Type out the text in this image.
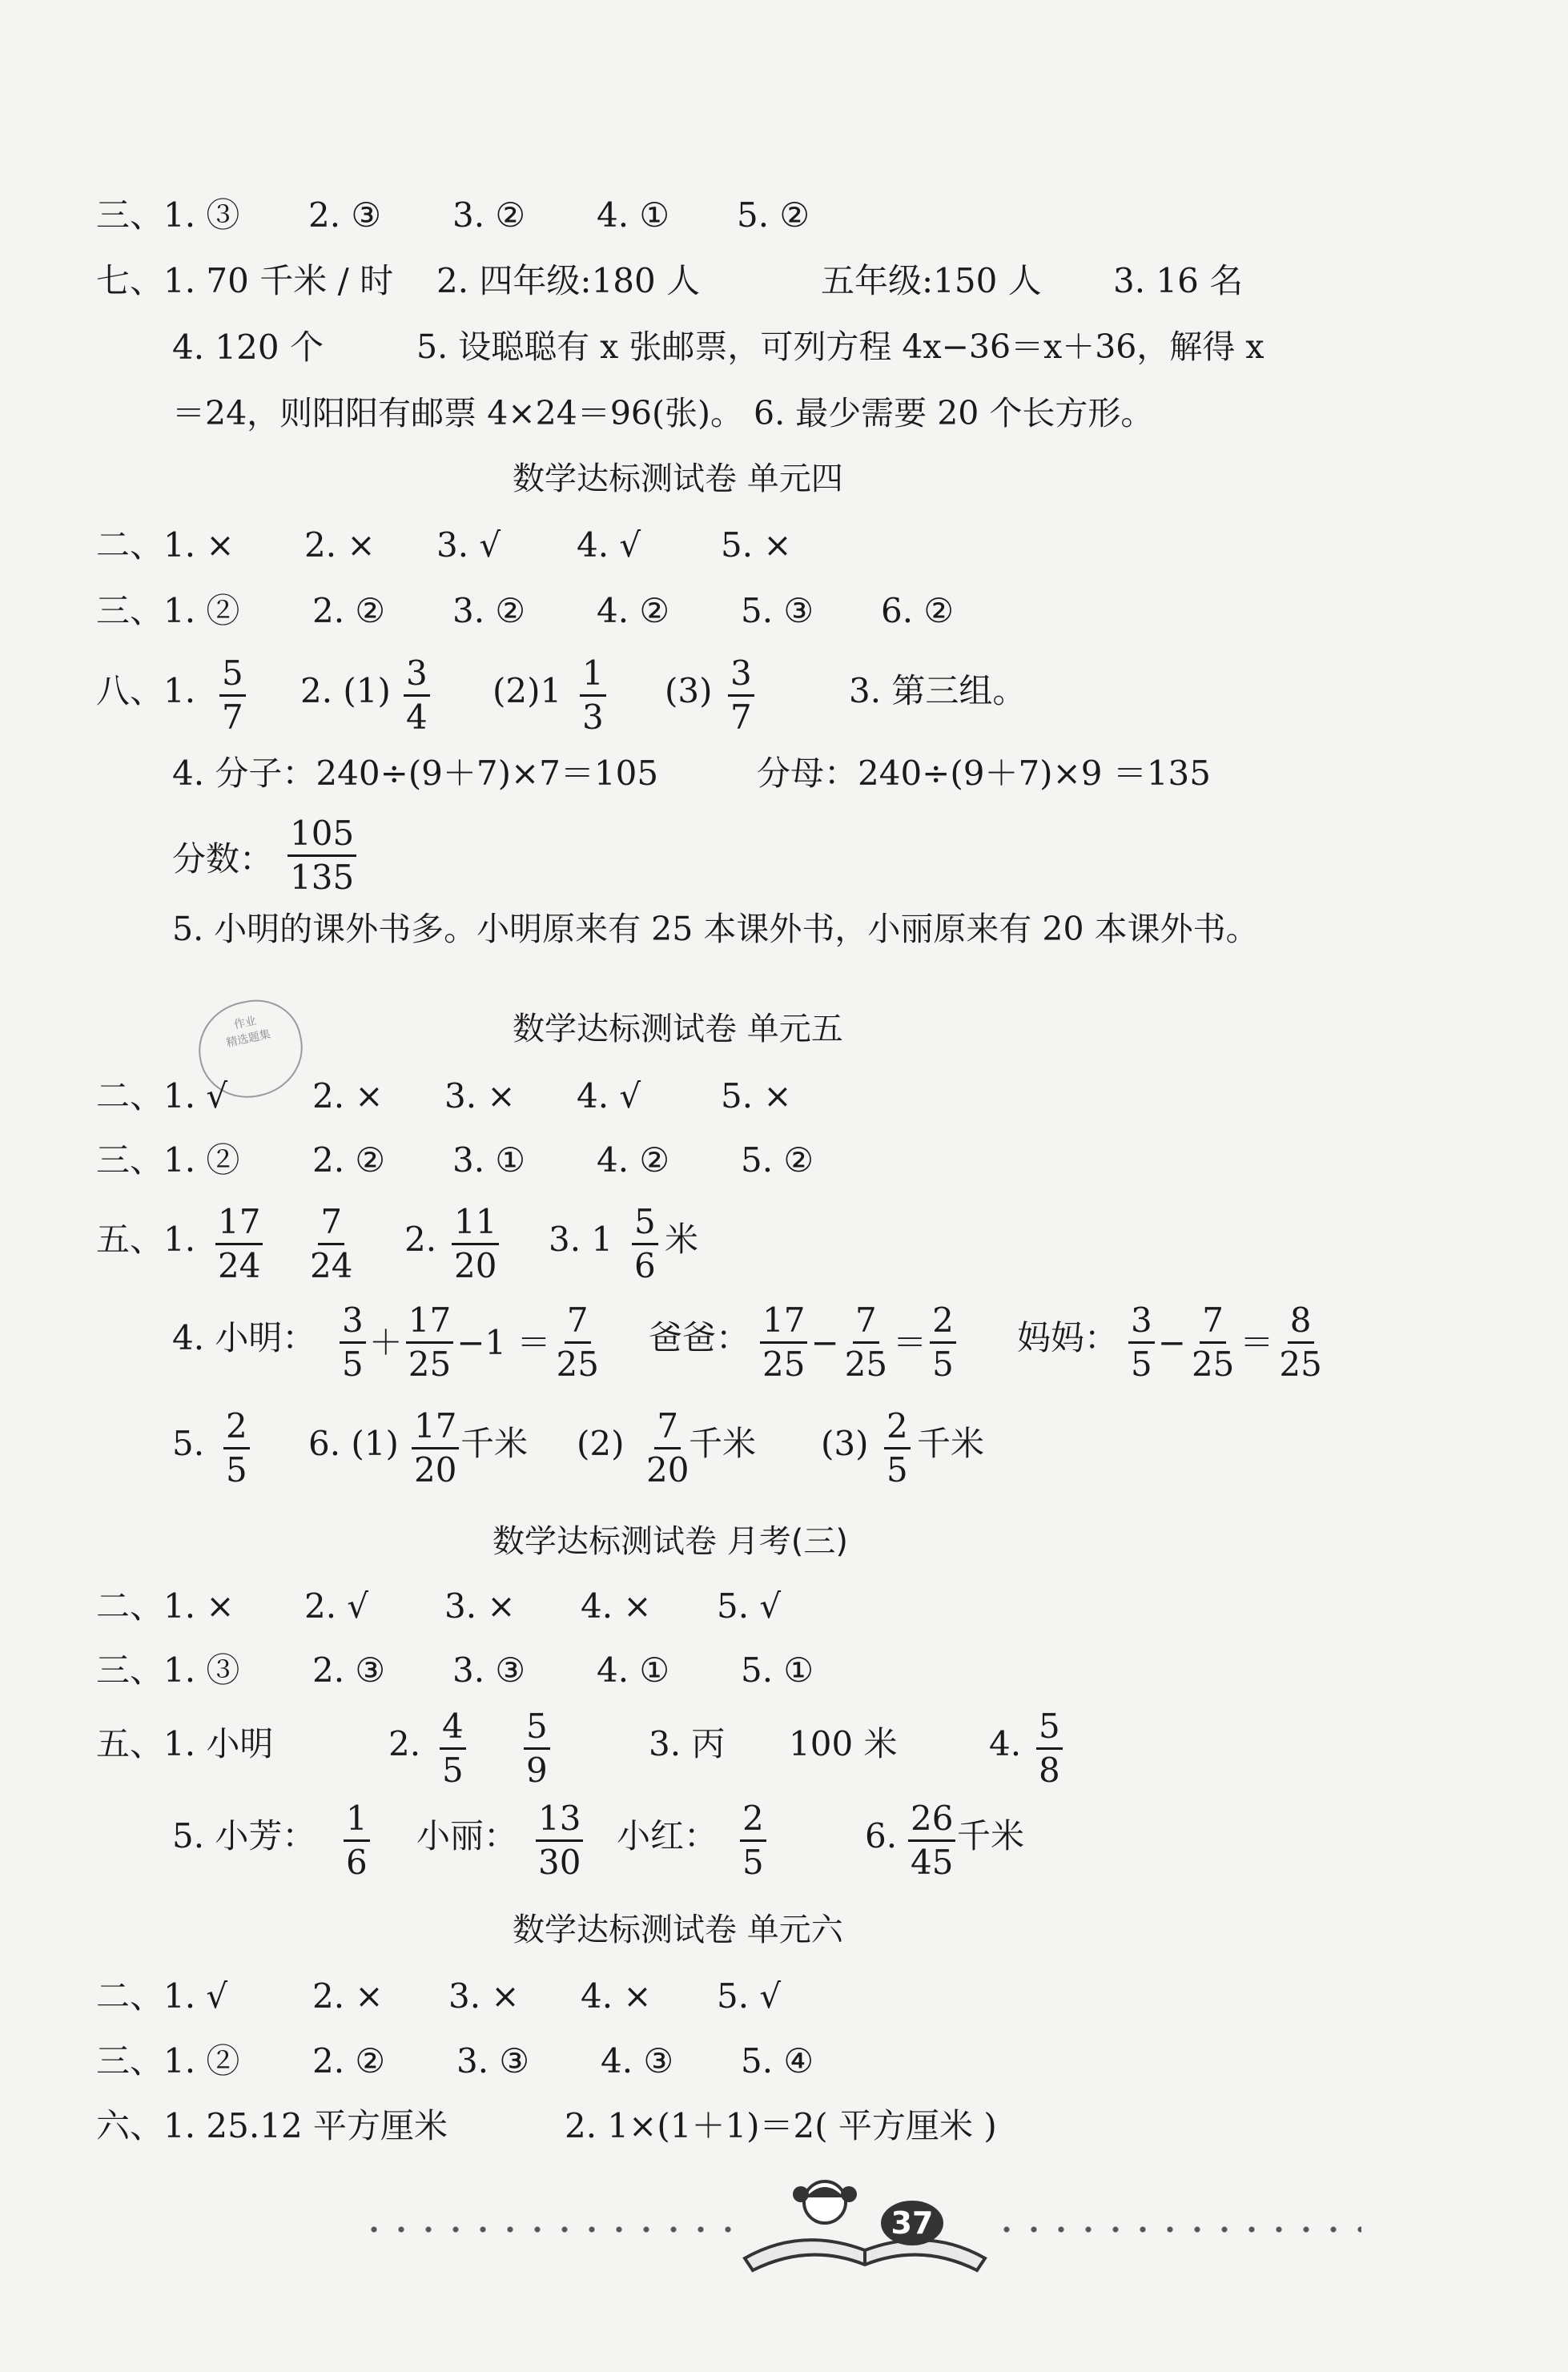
三、1. ③ 2. ③ 3. ② 4. ① 5. ②
七、1. 70 千米 / 时 2. 四年级:180 人	五年级:150 人 3. 16 名
4. 120 个	5. 设聪聪有 x 张邮票，可列方程 4x−36＝x＋36，解得 x
＝24，则阳阳有邮票 4×24＝96(张)。 6. 最少需要 20 个长方形。
数学达标测试卷 单元四
二、1. × 2. × 3. √ 4. √ 5. ×
三、1. ② 2. ② 3. ② 4. ② 5. ③ 6. ②
八、1. $\frac{5}{7} 2$. $(1) \frac{3}{4} (2)1 \frac{1}{3} (3) \frac{3}{7}$	3. 第三组。
4. 分子：240÷(9＋7)×7＝105	分母：240÷(9＋7)×9 ＝135
分数： $\frac{105}{135}$
5. 小明的课外书多。小明原来有 25 本课外书，小丽原来有 20 本课外书。
作业
精选题集	数学达标测试卷 单元五
二、1. √	2. × 3. × 4. √ 5. ×
三、1. ② 2. ② 3. ① 4. ② 5. ②
五、1. $\frac{17}{24} \frac{7}{24} 2$. $\frac{11}{20} 3$. $1 \frac{5}{6}$ 米
4. 小明： $\frac{3}{5} + \frac{17}{25} -1 = \frac{7}{25}$ 爸爸： $\frac{17}{25} - \frac{7}{25} = \frac{2}{5}$ 妈妈： $\frac{3}{5} - \frac{7}{25} = \frac{8}{25}$
5. $\frac{2}{5} 6$. $(1) \frac{17}{20}$ 千米 $(2) \frac{7}{20}$
千米 $(3) \frac{2}{5}$ 千米
数学达标测试卷 月考(三)
二、1. × 2. √ 3. × 4. × 5. √
三、1. ③ 2. ③ 3. ③ 4. ① 5. ①
五、1. 小明	2. $\frac{4}{5} \frac{5}{9}$	3. 丙 100 米	4. $\frac{5}{8}$
5. 小芳： $\frac{1}{6}$ 小丽： $\frac{13}{30}$ 小红： $\frac{2}{5}$	6. $\frac{26}{45}$ 千米
数学达标测试卷 单元六
二、1. √	2. × 3. × 4. × 5. √
三、1. ② 2. ② 3. ③ 4. ③ 5. ④
六、1. 25.12 平方厘米	2. 1×(1＋1)＝2( 平方厘米 )
37
